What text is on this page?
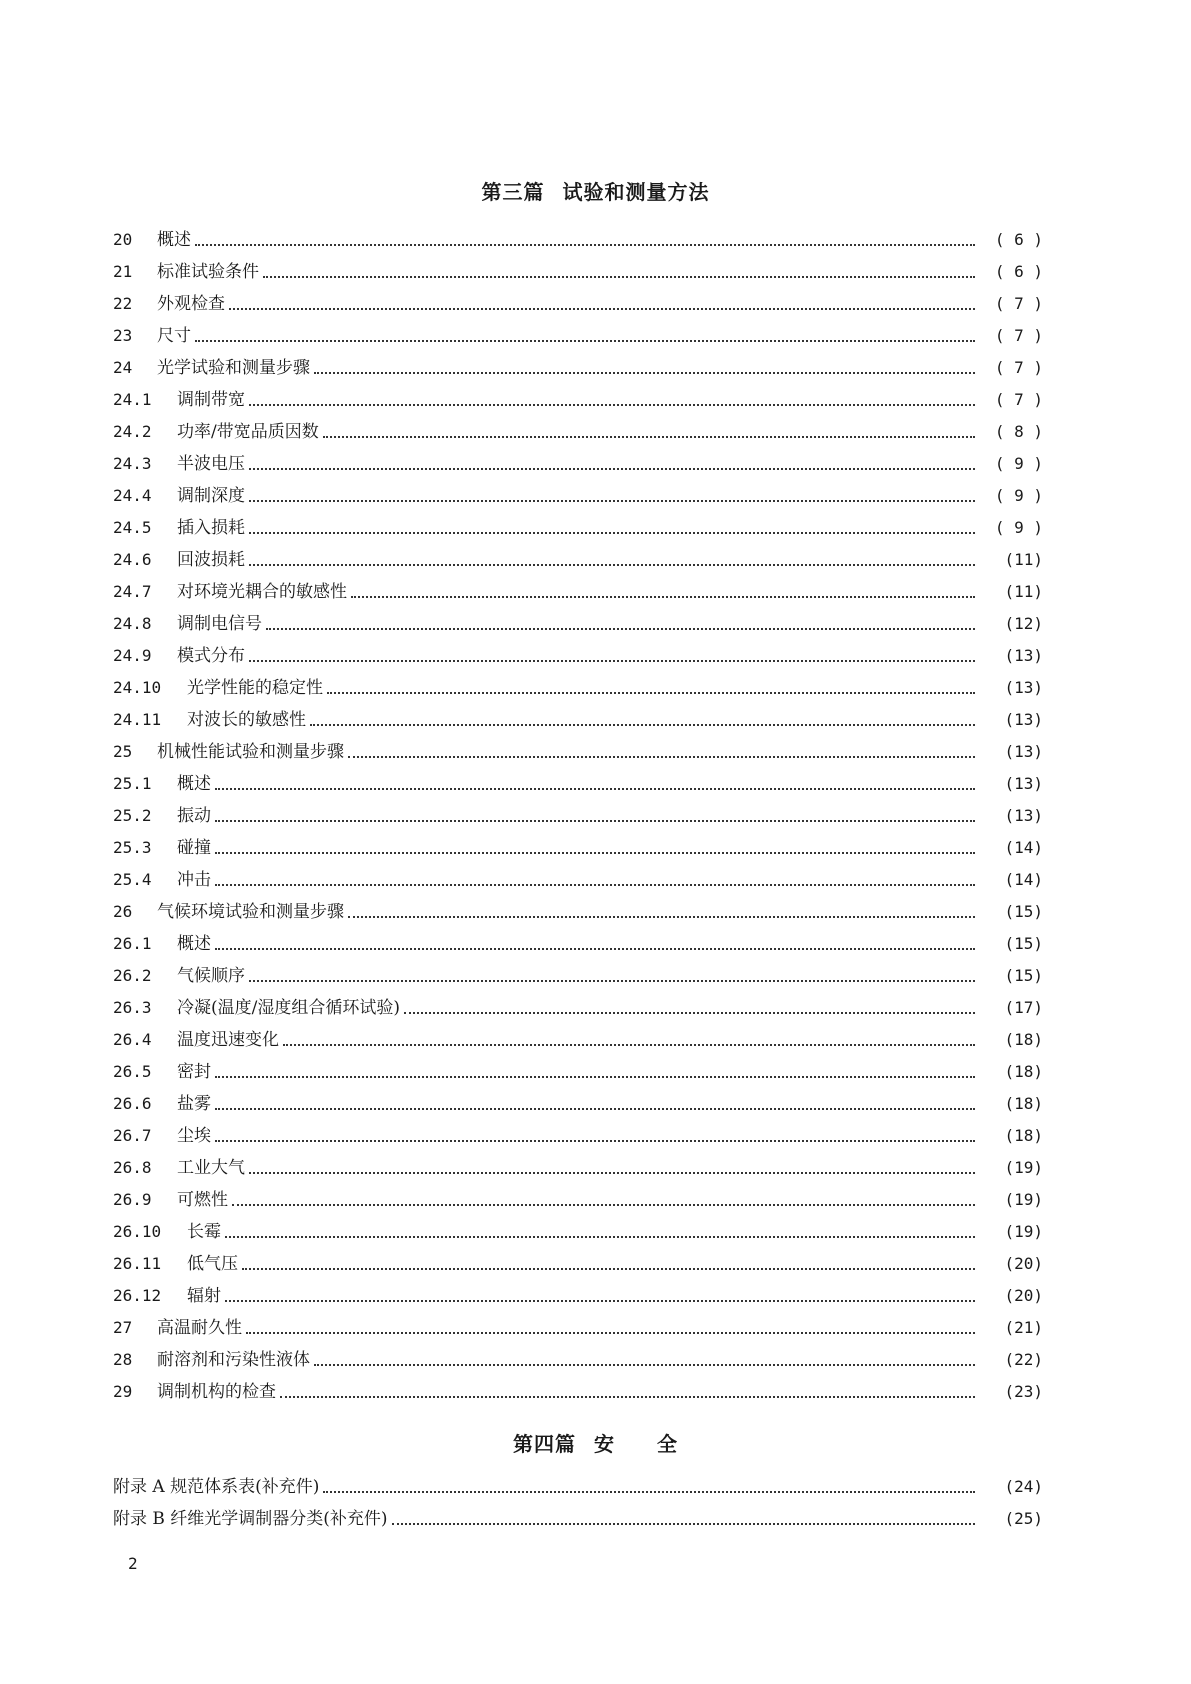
第三篇 试验和测量方法
20	概述	( 6 )
21	标准试验条件	( 6 )
22	外观检查	( 7 )
23	尺寸	( 7 )
24	光学试验和测量步骤	( 7 )
24.1	调制带宽	( 7 )
24.2	功率/带宽品质因数	( 8 )
24.3	半波电压	( 9 )
24.4	调制深度	( 9 )
24.5	插入损耗	( 9 )
24.6	回波损耗	(11)
24.7	对环境光耦合的敏感性	(11)
24.8	调制电信号	(12)
24.9	模式分布	(13)
24.10	光学性能的稳定性	(13)
24.11	对波长的敏感性	(13)
25	机械性能试验和测量步骤	(13)
25.1	概述	(13)
25.2	振动	(13)
25.3	碰撞	(14)
25.4	冲击	(14)
26	气候环境试验和测量步骤	(15)
26.1	概述	(15)
26.2	气候顺序	(15)
26.3	冷凝(温度/湿度组合循环试验)	(17)
26.4	温度迅速变化	(18)
26.5	密封	(18)
26.6	盐雾	(18)
26.7	尘埃	(18)
26.8	工业大气	(19)
26.9	可燃性	(19)
26.10	长霉	(19)
26.11	低气压	(20)
26.12	辐射	(20)
27	高温耐久性	(21)
28	耐溶剂和污染性液体	(22)
29	调制机构的检查	(23)
第四篇 安　　全
附录 A 规范体系表(补充件)	(24)
附录 B 纤维光学调制器分类(补充件)	(25)
2
